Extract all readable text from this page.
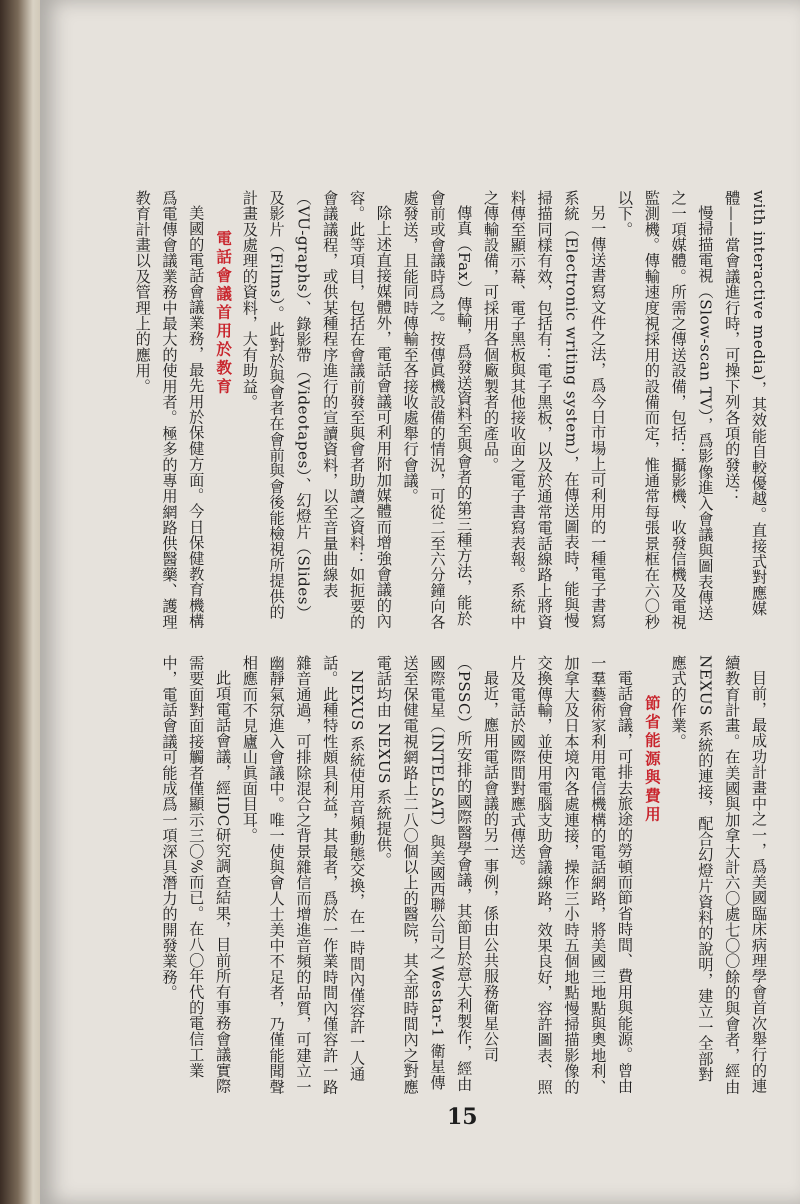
with interactive media)，其效能自較優越。直接式對應媒體——當會議進行時，可操下列各項的發送：

慢掃描電視（Slow-scan TV），爲影像進入會議與圖表傳送之一項媒體。所需之傳送設備，包括：攝影機、收發信機及電視監測機。傳輸速度視採用的設備而定，惟通常每張景框在六〇秒以下。

另一傳送書寫文件之法，爲今日市場上可利用的一種電子書寫系統（Electronic writing system），在傳送圖表時，能與慢掃描同樣有效，包括有：電子黑板，以及於通常電話線路上將資料傳至顯示幕、電子黑板與其他接收面之電子書寫表報。系統中之傳輸設備，可採用各個廠製者的產品。

傳真（Fax）傳輸，爲發送資料至與會者的第三種方法，能於會前或會議時爲之。按傳眞機設備的情況，可從二至六分鐘向各處發送，且能同時傳輸至各接收處舉行會議。

除上述直接媒體外，電話會議可利用附加媒體而增強會議的內容。此等項目，包括在會議前發至與會者助讀之資料：如扼要的會議議程，或供某種程序進行的宣讀資料，以至音量曲線表（VU-graphs）、錄影帶（Videotapes）、幻燈片（Slides）及影片（Films）。此對於與會者在會前與會後能檢視所提供的計畫及處理的資料，大有助益。

電話會議首用於教育

美國的電話會議業務，最先用於保健方面。今日保健教育機構爲電傳會議業務中最大的使用者。極多的專用網路供醫藥、護理教育計畫以及管理上的應用。

目前，最成功計畫中之一，爲美國臨床病理學會首次舉行的連續教育計畫。在美國與加拿大計六〇處七〇〇餘的與會者，經由 NEXUS 系統的連接，配合幻燈片資料的說明，建立一全部對應式的作業。

節省能源與費用

電話會議，可排去旅途的勞頓而節省時間、費用與能源。曾由一羣藝術家利用電信機構的電話網路，將美國三地點與奧地利、加拿大及日本境內各處連接，操作三小時五個地點慢掃描影像的交換傳輸，並使用電腦支助會議線路，效果良好，容許圖表、照片及電話於國際間對應式傳送。

最近，應用電話會議的另一事例，係由公共服務衛星公司（PSSC）所安排的國際醫學會議，其節目於意大利製作，經由國際電星（INTELSAT）與美國西聯公司之 Westar-1 衛星傳送至保健電視網路上二八〇個以上的醫院，其全部時間內之對應電話均由 NEXUS 系統提供。

NEXUS 系統使用音頻動態交換，在一時間內僅容許一人通話。此種特性頗具利益，其最者，爲於一作業時間內僅容許一路雜音通過，可排除混合之背景雜信而增進音頻的品質，可建立一幽靜氣氛進入會議中。唯一使與會人士美中不足者，乃僅能聞聲相應而不見廬山眞面目耳。

此項電話會議，經IDC研究調查結果，目前所有事務會議實際需要面對面接觸者僅顯示三〇%而已。在八〇年代的電信工業中，電話會議可能成爲一項深具潛力的開發業務。

15
